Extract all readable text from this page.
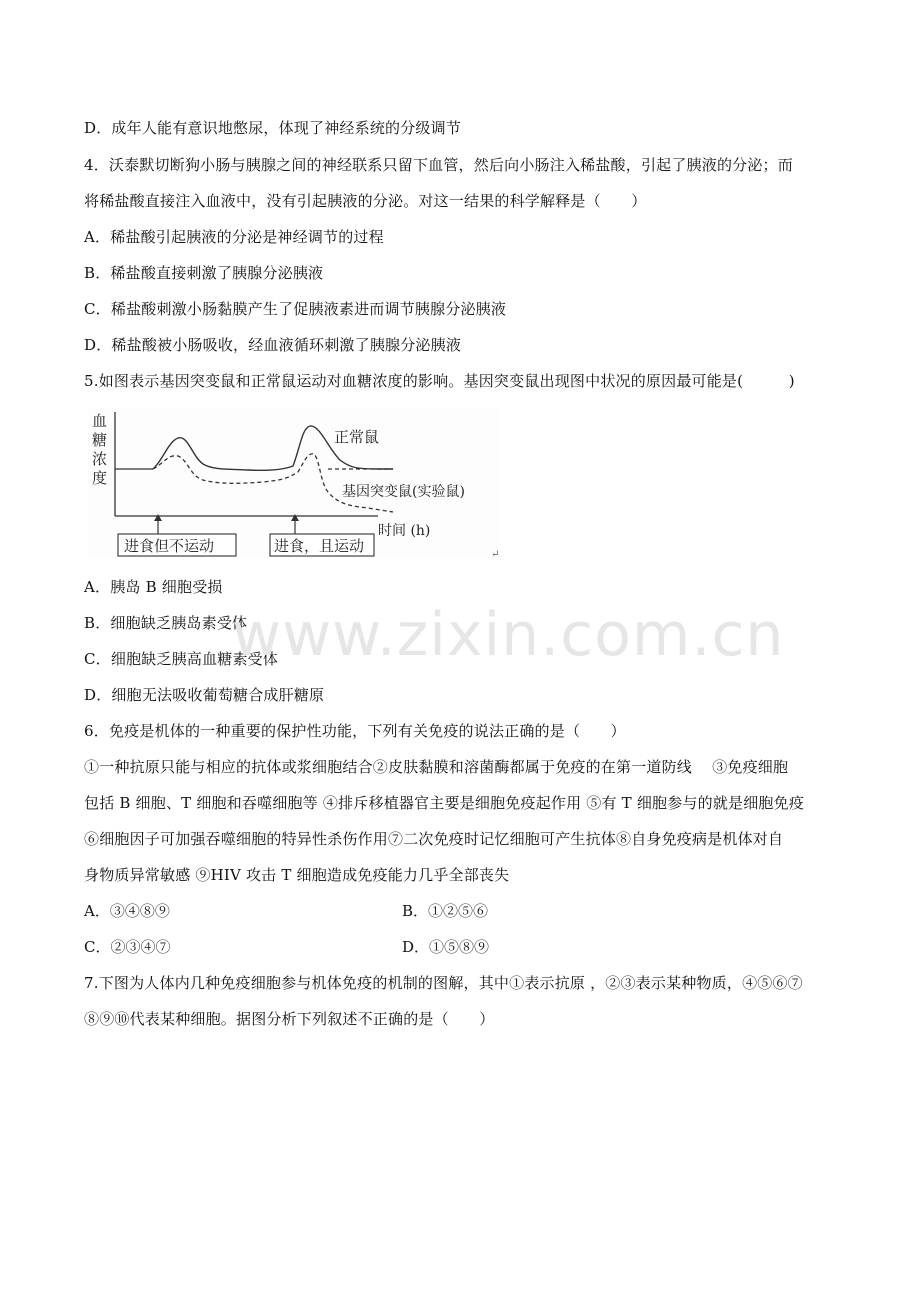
D．成年人能有意识地憋尿，体现了神经系统的分级调节
4．沃泰默切断狗小肠与胰腺之间的神经联系只留下血管，然后向小肠注入稀盐酸，引起了胰液的分泌；而
将稀盐酸直接注入血液中，没有引起胰液的分泌。对这一结果的科学解释是（　　）
A．稀盐酸引起胰液的分泌是神经调节的过程
B．稀盐酸直接刺激了胰腺分泌胰液
C．稀盐酸刺激小肠黏膜产生了促胰液素进而调节胰腺分泌胰液
D．稀盐酸被小肠吸收，经血液循环刺激了胰腺分泌胰液
5.如图表示基因突变鼠和正常鼠运动对血糖浓度的影响。基因突变鼠出现图中状况的原因最可能是(　　　)
血
糖
浓
度
正常鼠
基因突变鼠(实验鼠)
时间 (h)
进食但不运动	进食，且运动	↵
A．胰岛 B 细胞受损
B．细胞缺乏胰岛素受体
C．细胞缺乏胰高血糖素受体
D．细胞无法吸收葡萄糖合成肝糖原
www.zixin.com.cn
6．免疫是机体的一种重要的保护性功能，下列有关免疫的说法正确的是（　　）
①一种抗原只能与相应的抗体或浆细胞结合②皮肤黏膜和溶菌酶都属于免疫的在第一道防线　 ③免疫细胞
包括 B 细胞、T 细胞和吞噬细胞等 ④排斥移植器官主要是细胞免疫起作用 ⑤有 T 细胞参与的就是细胞免疫
⑥细胞因子可加强吞噬细胞的特异性杀伤作用⑦二次免疫时记忆细胞可产生抗体⑧自身免疫病是机体对自
身物质异常敏感 ⑨HIV 攻击 T 细胞造成免疫能力几乎全部丧失
A．③④⑧⑨	B．①②⑤⑥
C．②③④⑦	D．①⑤⑧⑨
7.下图为人体内几种免疫细胞参与机体免疫的机制的图解，其中①表示抗原 ，②③表示某种物质，④⑤⑥⑦
⑧⑨⑩代表某种细胞。据图分析下列叙述不正确的是（　　）
